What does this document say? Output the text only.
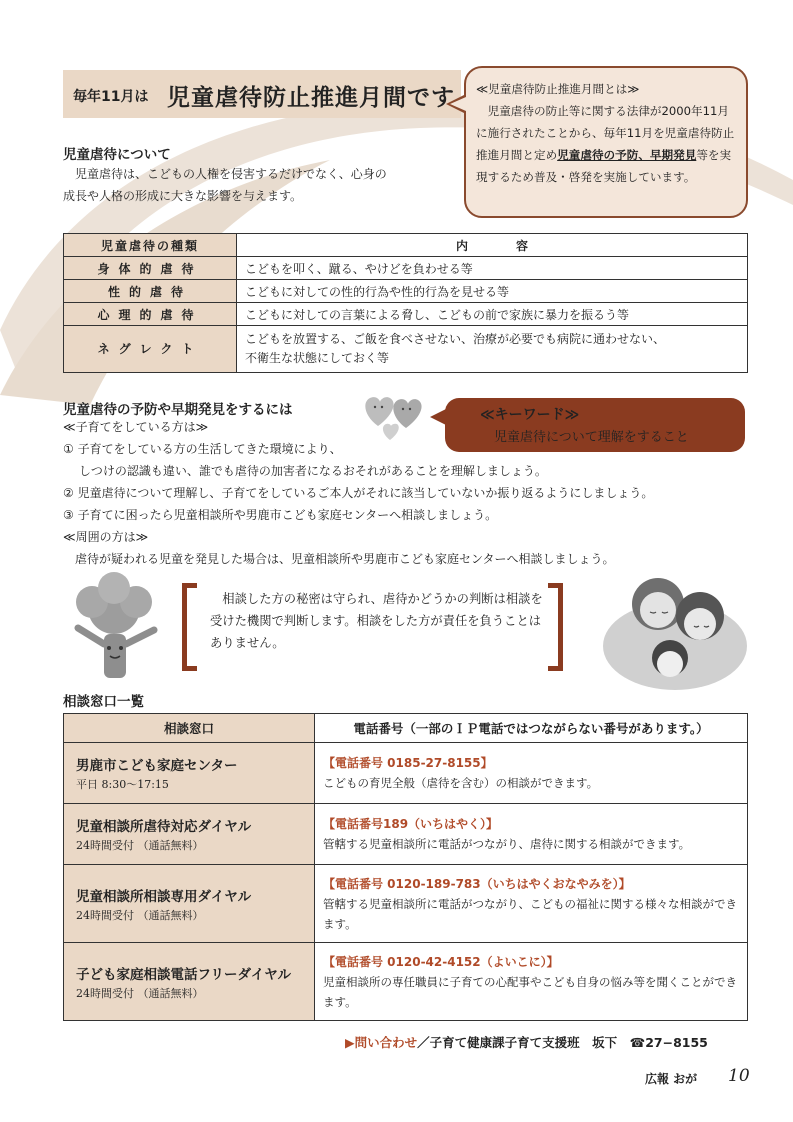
毎年11月は 児童虐待防止推進月間です ≪児童虐待防止推進月間とは≫
　児童虐待の防止等に関する法律が2000年11月に施行されたことから、毎年11月を児童虐待防止推進月間と定め児童虐待の予防、早期発見等を実現するため普及・啓発を実施しています。
児童虐待について
　児童虐待は、こどもの人権を侵害するだけでなく、心身の
成長や人格の形成に大きな影響を与えます。
児童虐待の種類	内　　　　容
身体的虐待	こどもを叩く、蹴る、やけどを負わせる等
性的虐待	こどもに対しての性的行為や性的行為を見せる等
心理的虐待	こどもに対しての言葉による脅し、こどもの前で家族に暴力を振るう等
ネグレクト	こどもを放置する、ご飯を食べさせない、治療が必要でも病院に通わせない、
不衛生な状態にしておく等
≪キーワード≫
児童虐待について理解をすること
児童虐待の予防や早期発見をするには
≪子育てをしている方は≫
① 子育てをしている方の生活してきた環境により、
　 しつけの認識も違い、誰でも虐待の加害者になるおそれがあることを理解しましょう。
② 児童虐待について理解し、子育てをしているご本人がそれに該当していないか振り返るようにしましょう。
③ 子育てに困ったら児童相談所や男鹿市こども家庭センターへ相談しましょう。
≪周囲の方は≫
　虐待が疑われる児童を発見した場合は、児童相談所や男鹿市こども家庭センターへ相談しましょう。
　相談した方の秘密は守られ、虐待かどうかの判断は相談を受けた機関で判断します。相談をした方が責任を負うことはありません。
相談窓口一覧
相談窓口	電話番号（一部のＩＰ電話ではつながらない番号があります。）

男鹿市こども家庭センター
平日 8:30～17:15	【電話番号 0185-27-8155】
こどもの育児全般（虐待を含む）の相談ができます。

児童相談所虐待対応ダイヤル
24時間受付 （通話無料）	【電話番号189（いちはやく）】
管轄する児童相談所に電話がつながり、虐待に関する相談ができます。

児童相談所相談専用ダイヤル
24時間受付 （通話無料）	【電話番号 0120-189-783（いちはやくおなやみを）】
管轄する児童相談所に電話がつながり、こどもの福祉に関する様々な相談ができます。

子ども家庭相談電話フリーダイヤル
24時間受付 （通話無料）	【電話番号 0120-42-4152（よいこに）】
児童相談所の専任職員に子育ての心配事やこども自身の悩み等を聞くことができます。
▶問い合わせ／子育て健康課子育て支援班　坂下　☎27−8155
広報 おが 10
